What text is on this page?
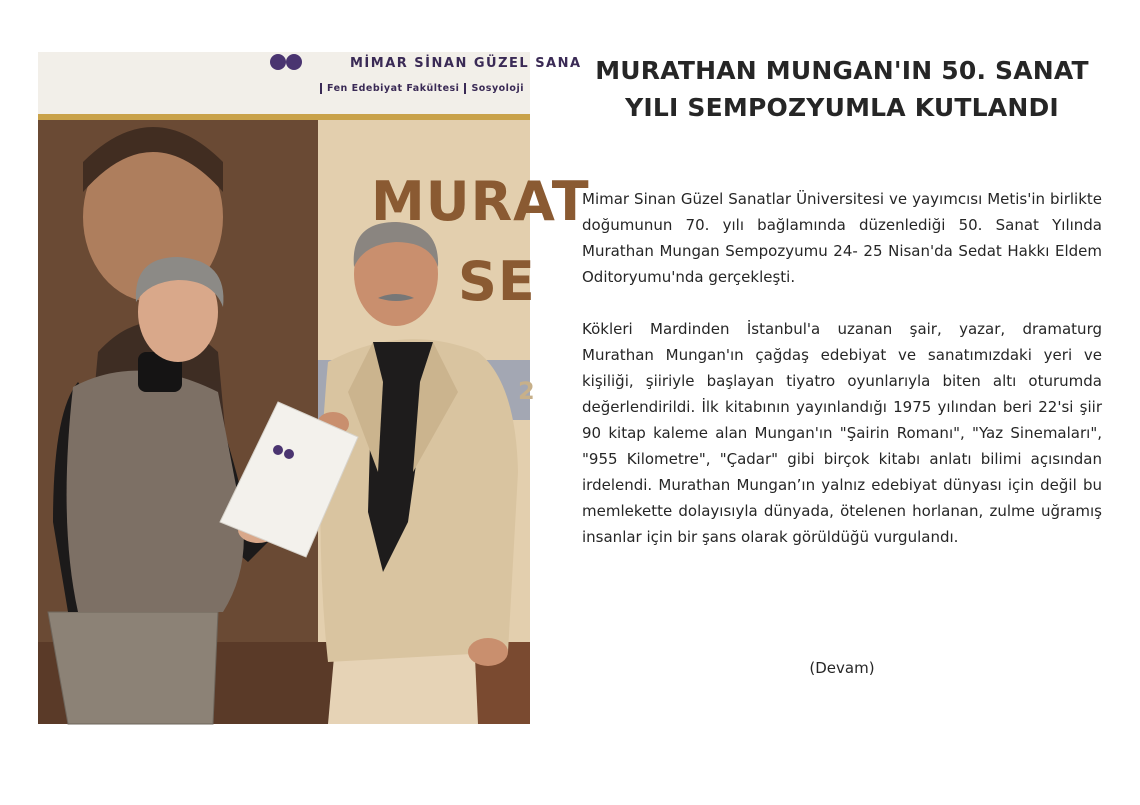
MİMAR SİNAN GÜZEL SANA
Fen Edebiyat Fakültesi Sosyoloji
MURAT
SE
2
MURATHAN MUNGAN'IN 50. SANAT YILI SEMPOZYUMLA KUTLANDI

Mimar Sinan Güzel Sanatlar Üniversitesi ve yayımcısı Metis'in birlikte doğumunun 70. yılı bağlamında düzenlediği 50. Sanat Yılında Murathan Mungan Sempozyumu 24- 25 Nisan'da Sedat Hakkı Eldem Oditoryumu'nda gerçekleşti.

Kökleri Mardinden İstanbul'a uzanan şair, yazar, dramaturg Murathan Mungan'ın çağdaş edebiyat ve sanatımızdaki yeri ve kişiliği, şiiriyle başlayan tiyatro oyunlarıyla biten altı oturumda değerlendirildi. İlk kitabının yayınlandığı 1975 yılından beri 22'si şiir 90 kitap kaleme alan Mungan'ın "Şairin Romanı", "Yaz Sinemaları", "955 Kilometre", "Çadar" gibi birçok kitabı anlatı bilimi açısından irdelendi. Murathan Mungan’ın yalnız edebiyat dünyası için değil bu memlekette dolayısıyla dünyada, ötelenen horlanan, zulme uğramış insanlar için bir şans olarak görüldüğü vurgulandı.

(Devam)
